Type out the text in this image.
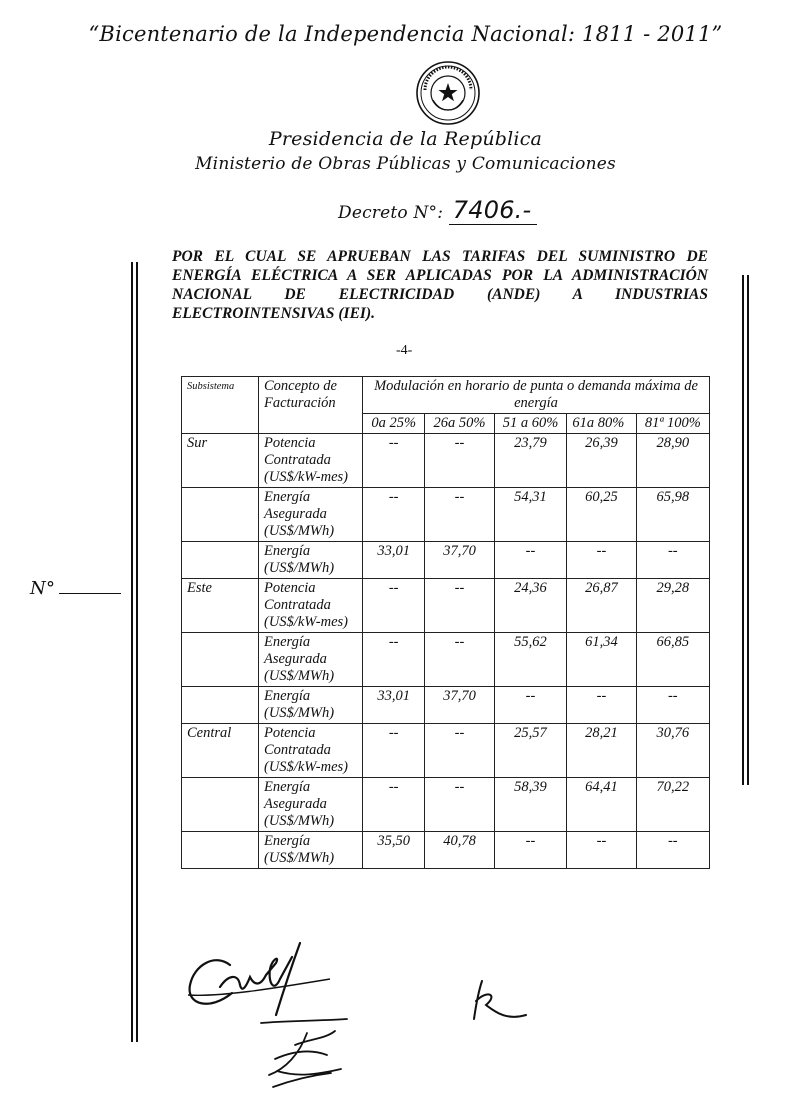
“Bicentenario de la Independencia Nacional: 1811 - 2011”
Presidencia de la República
Ministerio de Obras Públicas y Comunicaciones
Decreto N°: 7406.-
POR EL CUAL SE APRUEBAN LAS TARIFAS DEL SUMINISTRO DE
ENERGÍA ELÉCTRICA A SER APLICADAS POR LA ADMINISTRACIÓN
NACIONAL DE ELECTRICIDAD (ANDE) A INDUSTRIAS
ELECTROINTENSIVAS (IEI).
-4-
N°
Subsistema	Concepto de Facturación	Modulación en horario de punta o demanda máxima de energía				
		0a 25%	26a 50%	51 a 60%	61a 80%	81ª 100%
Sur	Potencia Contratada (US$/kW-mes)	--	--	23,79	26,39	28,90
	Energía Asegurada (US$/MWh)	--	--	54,31	60,25	65,98
	Energía (US$/MWh)	33,01	37,70	--	--	--
Este	Potencia Contratada (US$/kW-mes)	--	--	24,36	26,87	29,28
	Energía Asegurada (US$/MWh)	--	--	55,62	61,34	66,85
	Energía (US$/MWh)	33,01	37,70	--	--	--
Central	Potencia Contratada (US$/kW-mes)	--	--	25,57	28,21	30,76
	Energía Asegurada (US$/MWh)	--	--	58,39	64,41	70,22
	Energía (US$/MWh)	35,50	40,78	--	--	--
